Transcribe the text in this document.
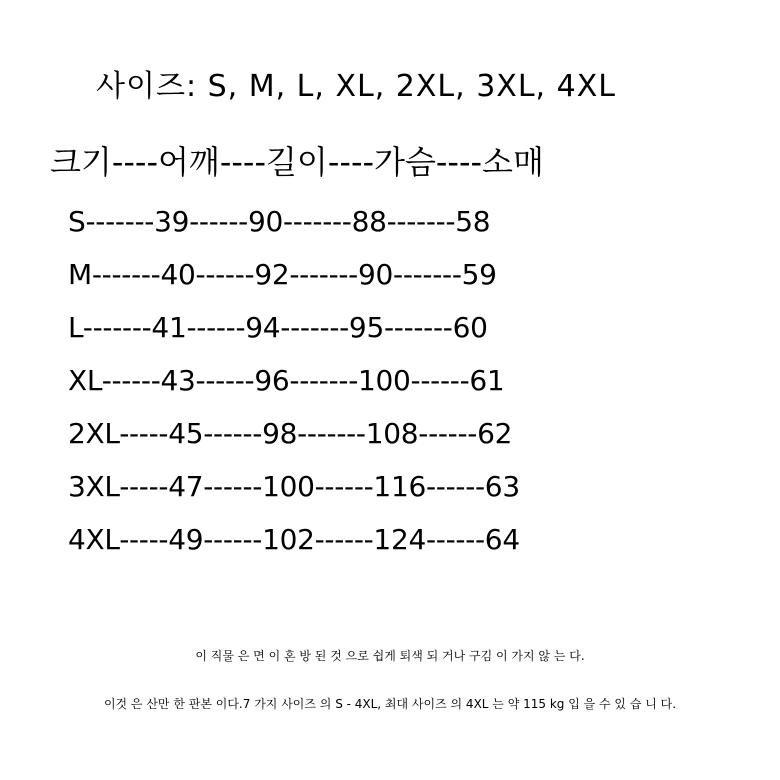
사이즈: S, M, L, XL, 2XL, 3XL, 4XL
크기----어깨----길이----가슴----소매
S-------39------90-------88-------58
M-------40------92-------90-------59
L-------41------94-------95-------60
XL------43------96-------100------61
2XL-----45------98-------108------62
3XL-----47------100------116------63
4XL-----49------102------124------64
이 직물 은 면 이 혼 방 된 것 으로 쉽게 퇴색 되 거나 구김 이 가지 않 는 다.
이것 은 산만 한 판본 이다.7 가지 사이즈 의 S - 4XL, 최대 사이즈 의 4XL 는 약 115 kg 입 을 수 있 습 니 다.
